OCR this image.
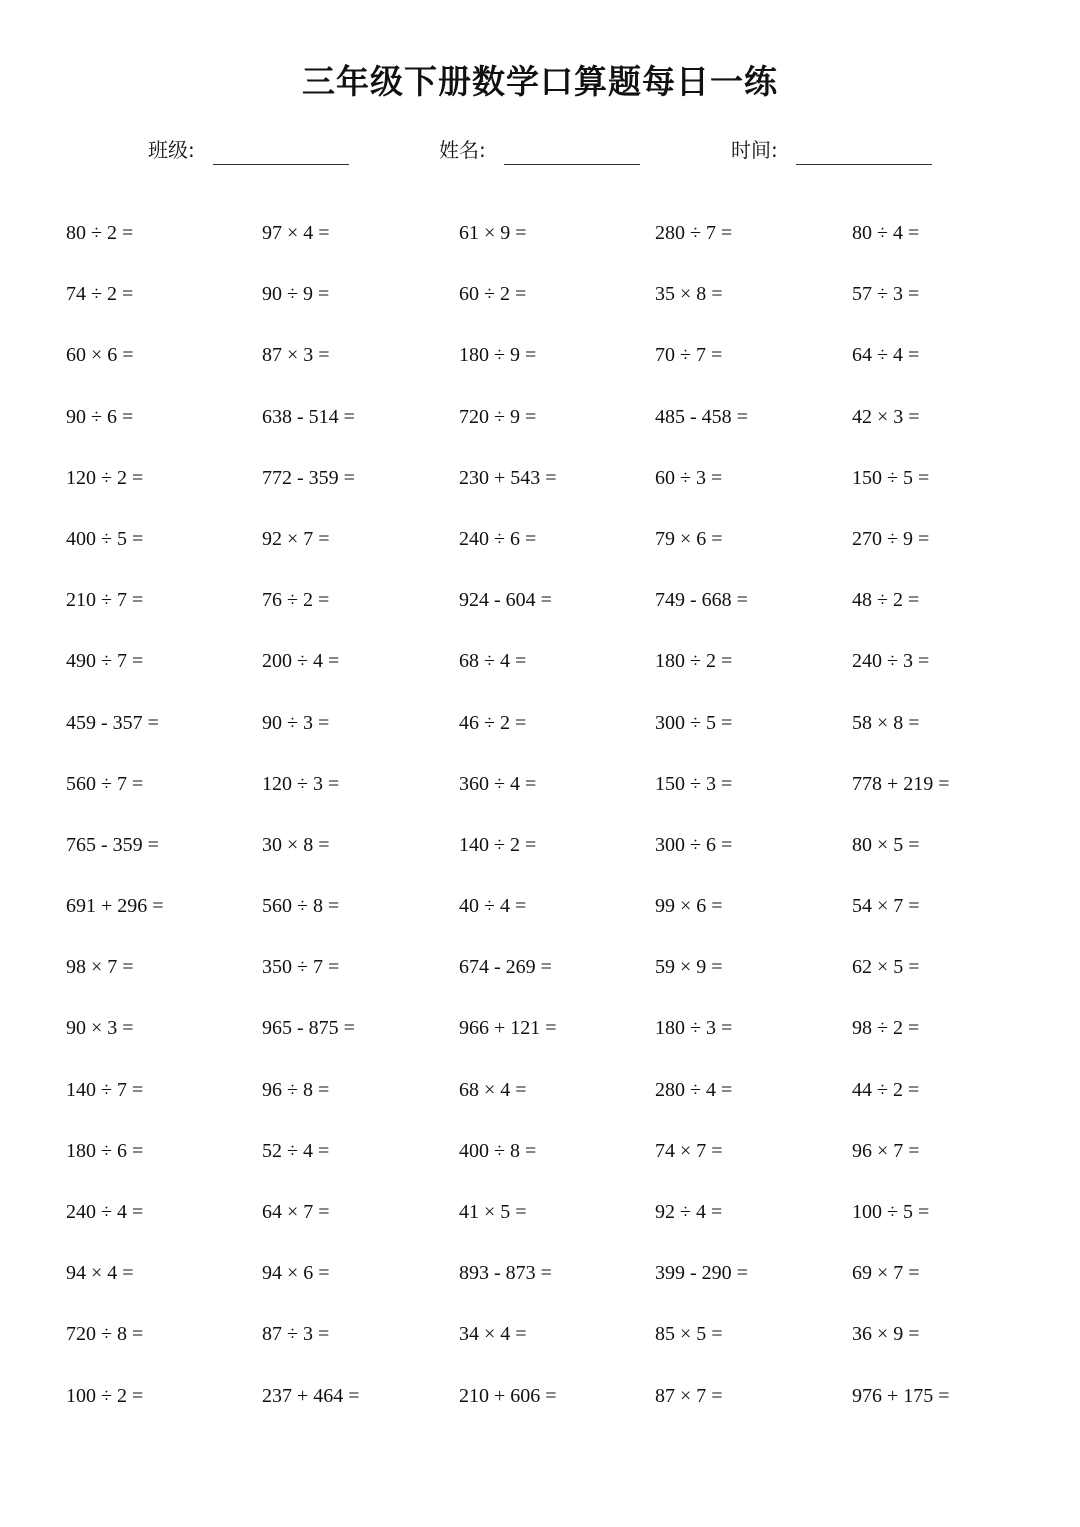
三年级下册数学口算题每日一练
班级:	姓名:	时间:
80 ÷ 2 =	97 × 4 =	61 × 9 =	280 ÷ 7 =	80 ÷ 4 =
74 ÷ 2 =	90 ÷ 9 =	60 ÷ 2 =	35 × 8 =	57 ÷ 3 =
60 × 6 =	87 × 3 =	180 ÷ 9 =	70 ÷ 7 =	64 ÷ 4 =
90 ÷ 6 =	638 - 514 =	720 ÷ 9 =	485 - 458 =	42 × 3 =
120 ÷ 2 =	772 - 359 =	230 + 543 =	60 ÷ 3 =	150 ÷ 5 =
400 ÷ 5 =	92 × 7 =	240 ÷ 6 =	79 × 6 =	270 ÷ 9 =
210 ÷ 7 =	76 ÷ 2 =	924 - 604 =	749 - 668 =	48 ÷ 2 =
490 ÷ 7 =	200 ÷ 4 =	68 ÷ 4 =	180 ÷ 2 =	240 ÷ 3 =
459 - 357 =	90 ÷ 3 =	46 ÷ 2 =	300 ÷ 5 =	58 × 8 =
560 ÷ 7 =	120 ÷ 3 =	360 ÷ 4 =	150 ÷ 3 =	778 + 219 =
765 - 359 =	30 × 8 =	140 ÷ 2 =	300 ÷ 6 =	80 × 5 =
691 + 296 =	560 ÷ 8 =	40 ÷ 4 =	99 × 6 =	54 × 7 =
98 × 7 =	350 ÷ 7 =	674 - 269 =	59 × 9 =	62 × 5 =
90 × 3 =	965 - 875 =	966 + 121 =	180 ÷ 3 =	98 ÷ 2 =
140 ÷ 7 =	96 ÷ 8 =	68 × 4 =	280 ÷ 4 =	44 ÷ 2 =
180 ÷ 6 =	52 ÷ 4 =	400 ÷ 8 =	74 × 7 =	96 × 7 =
240 ÷ 4 =	64 × 7 =	41 × 5 =	92 ÷ 4 =	100 ÷ 5 =
94 × 4 =	94 × 6 =	893 - 873 =	399 - 290 =	69 × 7 =
720 ÷ 8 =	87 ÷ 3 =	34 × 4 =	85 × 5 =	36 × 9 =
100 ÷ 2 =	237 + 464 =	210 + 606 =	87 × 7 =	976 + 175 =
